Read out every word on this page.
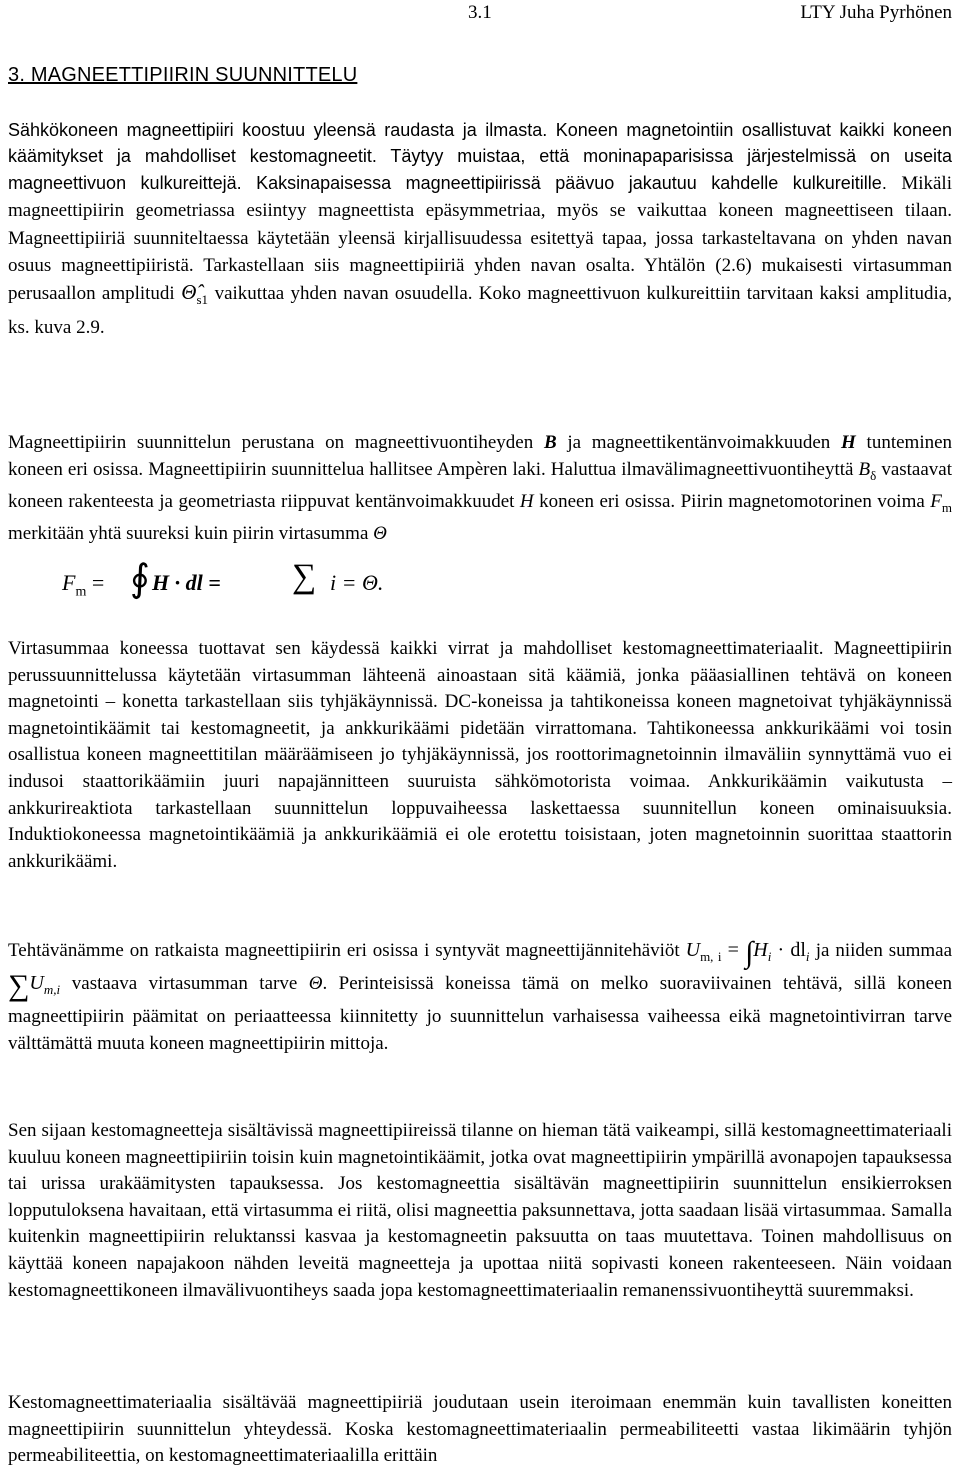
3.1	LTY Juha Pyrhönen
3. MAGNEETTIPIIRIN SUUNNITTELU

Sähkökoneen magneettipiiri koostuu yleensä raudasta ja ilmasta. Koneen magnetointiin osallistuvat kaikki koneen käämitykset ja mahdolliset kestomagneetit. Täytyy muistaa, että moninapaparisissa järjestelmissä on useita magneettivuon kulkureittejä. Kaksinapaisessa magneettipiirissä päävuo jakautuu kahdelle kulkureitille. Mikäli magneettipiirin geometriassa esiintyy magneettista epäsymmetriaa, myös se vaikuttaa koneen magneettiseen tilaan. Magneettipiiriä suunniteltaessa käytetään yleensä kirjallisuudessa esitettyä tapaa, jossa tarkasteltavana on yhden navan osuus magneettipiiristä. Tarkastellaan siis magneettipiiriä yhden navan osalta. Yhtälön (2.6) mukaisesti virtasumman perusaallon amplitudi $\Thetâ_{s1}$ vaikuttaa yhden navan osuudella. Koko magneettivuon kulkureittiin tarvitaan kaksi amplitudia, ks. kuva 2.9.

Magneettipiirin suunnittelun perustana on magneettivuontiheyden B ja magneettikentänvoimakkuuden H tunteminen koneen eri osissa. Magneettipiirin suunnittelua hallitsee Ampèren laki. Haluttua ilmavälimagneettivuontiheyttä $B_\delta$ vastaavat koneen rakenteesta ja geometriasta riippuvat kentänvoimakkuudet H koneen eri osissa. Piirin magnetomotorinen voima $F_m$ merkitään yhtä suureksi kuin piirin virtasumma Θ

$F_m$ = ∮ H · dl = ∑ i = Θ.

Virtasummaa koneessa tuottavat sen käydessä kaikki virrat ja mahdolliset kestomagneettimateriaalit. Magneettipiirin perussuunnittelussa käytetään virtasumman lähteenä ainoastaan sitä käämiä, jonka pääasiallinen tehtävä on koneen magnetointi – konetta tarkastellaan siis tyhjäkäynnissä. DC-koneissa ja tahtikoneissa koneen magnetoivat tyhjäkäynnissä magnetointikäämit tai kestomagneetit, ja ankkurikäämi pidetään virrattomana. Tahtikoneessa ankkurikäämi voi tosin osallistua koneen magneettitilan määräämiseen jo tyhjäkäynnissä, jos roottorimagnetoinnin ilmaväliin synnyttämä vuo ei indusoi staattorikäämiin juuri napajännitteen suuruista sähkömotorista voimaa. Ankkurikäämin vaikutusta – ankkurireaktiota tarkastellaan suunnittelun loppuvaiheessa laskettaessa suunnitellun koneen ominaisuuksia. Induktiokoneessa magnetointikäämiä ja ankkurikäämiä ei ole erotettu toisistaan, joten magnetoinnin suorittaa staattorin ankkurikäämi.

Tehtävänämme on ratkaista magneettipiirin eri osissa i syntyvät magneettijännitehäviöt $U_{m, i} = \int H_i \cdot dl_i$ ja niiden summaa $\sum U_{m,i}$ vastaava virtasumman tarve Θ. Perinteisissä koneissa tämä on melko suoraviivainen tehtävä, sillä koneen magneettipiirin päämitat on periaatteessa kiinnitetty jo suunnittelun varhaisessa vaiheessa eikä magnetointivirran tarve välttämättä muuta koneen magneettipiirin mittoja.

Sen sijaan kestomagneetteja sisältävissä magneettipiireissä tilanne on hieman tätä vaikeampi, sillä kestomagneettimateriaali kuuluu koneen magneettipiiriin toisin kuin magnetointikäämit, jotka ovat magneettipiirin ympärillä avonapojen tapauksessa tai urissa urakäämitysten tapauksessa. Jos kestomagneettia sisältävän magneettipiirin suunnittelun ensikierroksen lopputuloksena havaitaan, että virtasumma ei riitä, olisi magneettia paksunnettava, jotta saadaan lisää virtasummaa. Samalla kuitenkin magneettipiirin reluktanssi kasvaa ja kestomagneetin paksuutta on taas muutettava. Toinen mahdollisuus on käyttää koneen napajakoon nähden leveitä magneetteja ja upottaa niitä sopivasti koneen rakenteeseen. Näin voidaan kestomagneettikoneen ilmavälivuontiheys saada jopa kestomagneettimateriaalin remanenssivuontiheyttä suuremmaksi.

Kestomagneettimateriaalia sisältävää magneettipiiriä joudutaan usein iteroimaan enemmän kuin tavallisten koneitten magneettipiirin suunnittelun yhteydessä. Koska kestomagneettimateriaalin permeabiliteetti vastaa likimäärin tyhjön permeabiliteettia, on kestomagneettimateriaalilla erittäin
